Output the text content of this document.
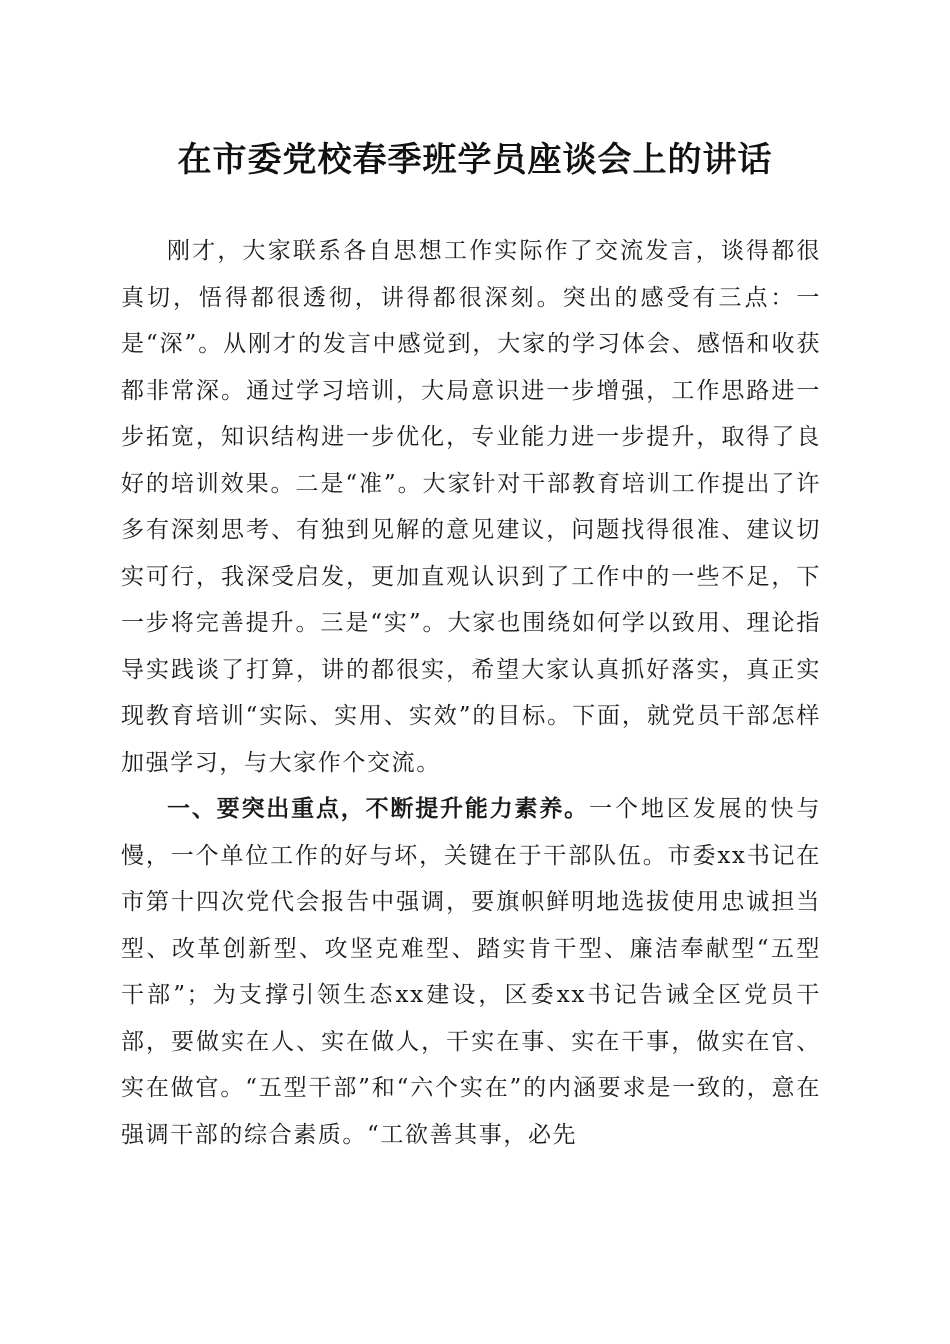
在市委党校春季班学员座谈会上的讲话

刚才，大家联系各自思想工作实际作了交流发言，谈得都很真切，悟得都很透彻，讲得都很深刻。突出的感受有三点：一是“深”。从刚才的发言中感觉到，大家的学习体会、感悟和收获都非常深。通过学习培训，大局意识进一步增强，工作思路进一步拓宽，知识结构进一步优化，专业能力进一步提升，取得了良好的培训效果。二是“准”。大家针对干部教育培训工作提出了许多有深刻思考、有独到见解的意见建议，问题找得很准、建议切实可行，我深受启发，更加直观认识到了工作中的一些不足，下一步将完善提升。三是“实”。大家也围绕如何学以致用、理论指导实践谈了打算，讲的都很实，希望大家认真抓好落实，真正实现教育培训“实际、实用、实效”的目标。下面，就党员干部怎样加强学习，与大家作个交流。

一、要突出重点，不断提升能力素养。一个地区发展的快与慢，一个单位工作的好与坏，关键在于干部队伍。市委xx书记在市第十四次党代会报告中强调，要旗帜鲜明地选拔使用忠诚担当型、改革创新型、攻坚克难型、踏实肯干型、廉洁奉献型“五型干部”；为支撑引领生态xx建设，区委xx书记告诫全区党员干部，要做实在人、实在做人，干实在事、实在干事，做实在官、实在做官。“五型干部”和“六个实在”的内涵要求是一致的，意在强调干部的综合素质。“工欲善其事，必先
